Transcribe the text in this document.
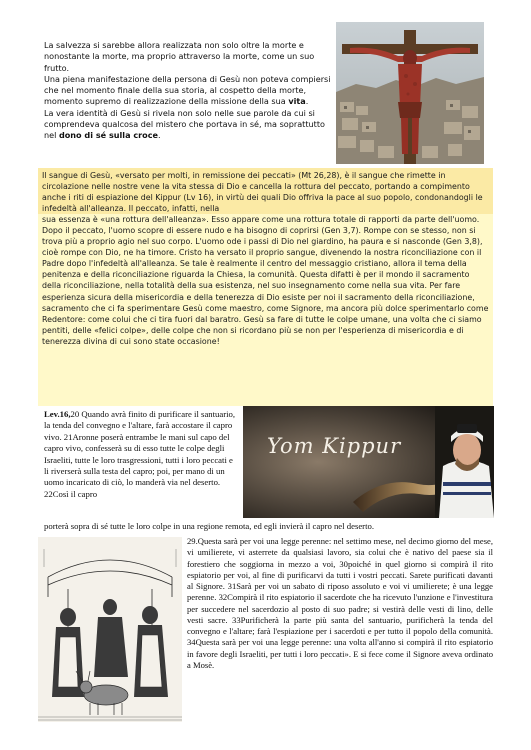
La salvezza si sarebbe allora realizzata non solo oltre la morte e nonostante la morte, ma proprio attraverso la morte, come un suo frutto.

Una piena manifestazione della persona di Gesù non poteva compiersi che nel momento finale della sua storia, al cospetto della morte, momento supremo di realizzazione della missione della sua vita.

La vera identità di Gesù si rivela non solo nelle sue parole da cui si comprendeva qualcosa del mistero che portava in sé, ma soprattutto nel dono di sé sulla croce.

Il sangue di Gesù, «versato per molti, in remissione dei peccati» (Mt 26,28), è il sangue che rimette in circolazione nelle nostre vene la vita stessa di Dio e cancella la rottura del peccato, portando a compimento anche i riti di espiazione del Kippur (Lv 16), in virtù dei quali Dio offriva la pace al suo popolo, condonandogli le infedeltà all'alleanza. Il peccato, infatti, nella

sua essenza è «una rottura dell'alleanza». Esso appare come una rottura totale di rapporti da parte dell'uomo. Dopo il peccato, l'uomo scopre di essere nudo e ha bisogno di coprirsi (Gen 3,7). Rompe con se stesso, non si trova più a proprio agio nel suo corpo. L'uomo ode i passi di Dio nel giardino, ha paura e si nasconde (Gen 3,8), cioè rompe con Dio, ne ha timore. Cristo ha versato il proprio sangue, divenendo la nostra riconciliazione con il Padre dopo l'infedeltà all'alleanza. Se tale è realmente il centro del messaggio cristiano, allora il tema della penitenza e della riconciliazione riguarda la Chiesa, la comunità. Questa difatti è per il mondo il sacramento della riconciliazione, nella totalità della sua esistenza, nel suo insegnamento come nella sua vita. Per fare esperienza sicura della misericordia e della tenerezza di Dio esiste per noi il sacramento della riconciliazione, sacramento che ci fa sperimentare Gesù come maestro, come Signore, ma ancora più dolce sperimentarlo come Redentore: come colui che ci tira fuori dal baratro. Gesù sa fare di tutte le colpe umane, una volta che ci siamo pentiti, delle «felici colpe», delle colpe che non si ricordano più se non per l'esperienza di misericordia e di tenerezza divina di cui sono state occasione!

Lev.16,20 Quando avrà finito di purificare il santuario, la tenda del convegno e l'altare, farà accostare il capro vivo. 21Aronne poserà entrambe le mani sul capo del capro vivo, confesserà su di esso tutte le colpe degli Israeliti, tutte le loro trasgressioni, tutti i loro peccati e li riverserà sulla testa del capro; poi, per mano di un uomo incaricato di ciò, lo manderà via nel deserto. 22Così il capro

porterà sopra di sé tutte le loro colpe in una regione remota, ed egli invierà il capro nel deserto.

Yom Kippur

29.Questa sarà per voi una legge perenne: nel settimo mese, nel decimo giorno del mese, vi umilierete, vi asterrete da qualsiasi lavoro, sia colui che è nativo del paese sia il forestiero che soggiorna in mezzo a voi, 30poiché in quel giorno si compirà il rito espiatorio per voi, al fine di purificarvi da tutti i vostri peccati. Sarete purificati davanti al Signore. 31Sarà per voi un sabato di riposo assoluto e voi vi umilierete; è una legge perenne. 32Compirà il rito espiatorio il sacerdote che ha ricevuto l'unzione e l'investitura per succedere nel sacerdozio al posto di suo padre; si vestirà delle vesti di lino, delle vesti sacre. 33Purificherà la parte più santa del santuario, purificherà la tenda del convegno e l'altare; farà l'espiazione per i sacerdoti e per tutto il popolo della comunità. 34Questa sarà per voi una legge perenne: una volta all'anno si compirà il rito espiatorio in favore degli Israeliti, per tutti i loro peccati». E si fece come il Signore aveva ordinato a Mosè.
